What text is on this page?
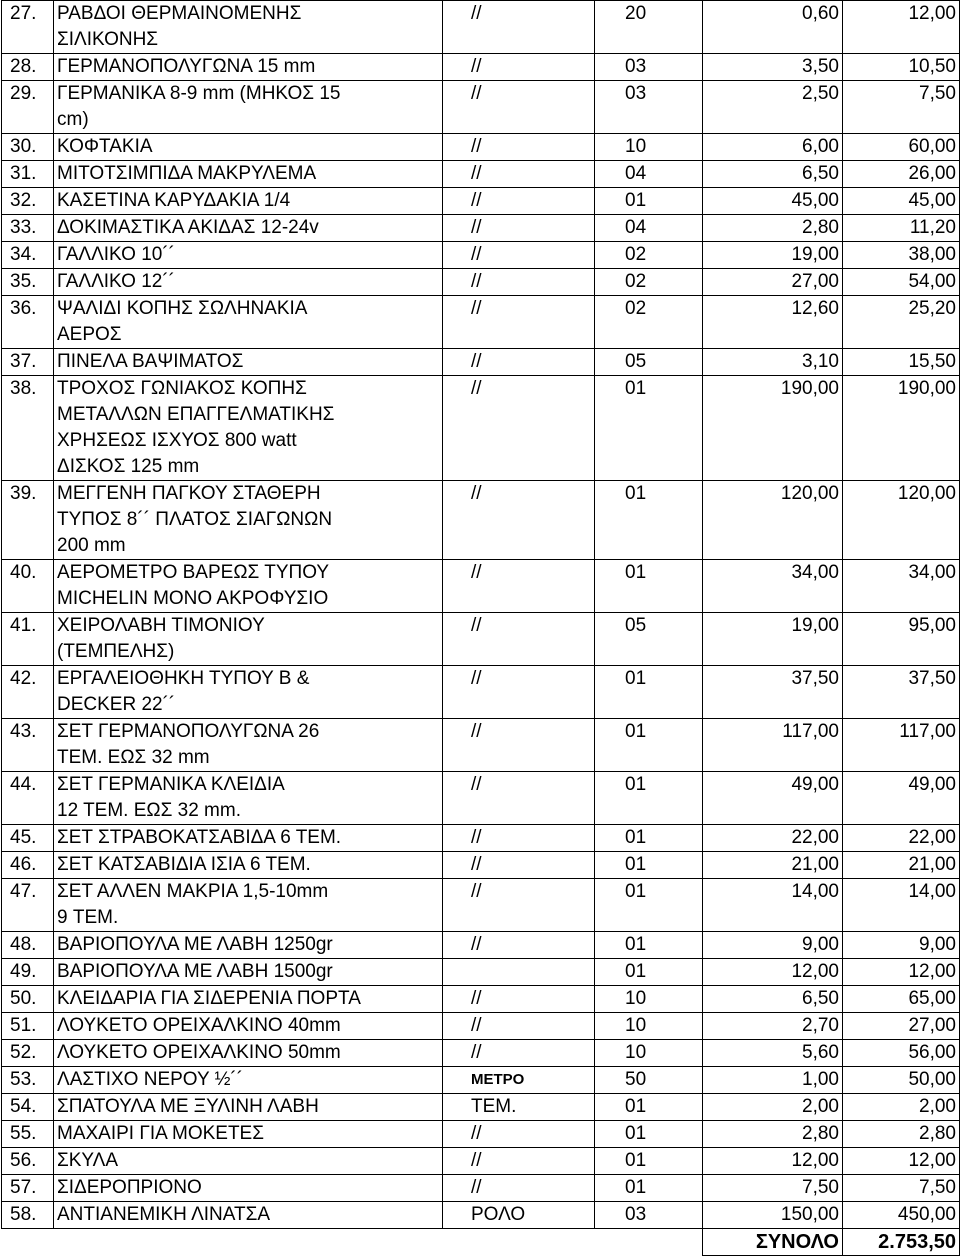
27.	ΡΑΒΔΟΙ ΘΕΡΜΑΙΝΟΜΕΝΗΣ
ΣΙΛΙΚΟΝΗΣ	//	20	0,60	12,00
28.	ΓΕΡΜΑΝΟΠΟΛΥΓΩΝΑ 15 mm	//	03	3,50	10,50
29.	ΓΕΡΜΑΝΙΚΑ 8-9 mm (ΜΗΚΟΣ 15
cm)	//	03	2,50	7,50
30.	ΚΟΦΤΑΚΙΑ	//	10	6,00	60,00
31.	ΜΙΤΟΤΣΙΜΠΙΔΑ ΜΑΚΡΥΛΕΜΑ	//	04	6,50	26,00
32.	ΚΑΣΕΤΙΝΑ ΚΑΡΥΔΑΚΙΑ 1/4	//	01	45,00	45,00
33.	ΔΟΚΙΜΑΣΤΙΚΑ ΑΚΙΔΑΣ 12-24v	//	04	2,80	11,20
34.	ΓΑΛΛΙΚΟ 10´´	//	02	19,00	38,00
35.	ΓΑΛΛΙΚΟ 12´´	//	02	27,00	54,00
36.	ΨΑΛΙΔΙ ΚΟΠΗΣ ΣΩΛΗΝΑΚΙΑ
ΑΕΡΟΣ	//	02	12,60	25,20
37.	ΠΙΝΕΛΑ ΒΑΨΙΜΑΤΟΣ	//	05	3,10	15,50
38.	ΤΡΟΧΟΣ ΓΩΝΙΑΚΟΣ ΚΟΠΗΣ
ΜΕΤΑΛΛΩΝ ΕΠΑΓΓΕΛΜΑΤΙΚΗΣ
ΧΡΗΣΕΩΣ ΙΣΧΥΟΣ 800 watt
ΔΙΣΚΟΣ 125 mm	//	01	190,00	190,00
39.	ΜΕΓΓΕΝΗ ΠΑΓΚΟΥ ΣΤΑΘΕΡΗ
ΤΥΠΟΣ 8´´ ΠΛΑΤΟΣ ΣΙΑΓΩΝΩΝ
200 mm	//	01	120,00	120,00
40.	ΑΕΡΟΜΕΤΡΟ ΒΑΡΕΩΣ ΤΥΠΟΥ
MICHELIN ΜΟΝΟ ΑΚΡΟΦΥΣΙΟ	//	01	34,00	34,00
41.	ΧΕΙΡΟΛΑΒΗ ΤΙΜΟΝΙΟΥ
(ΤΕΜΠΕΛΗΣ)	//	05	19,00	95,00
42.	ΕΡΓΑΛΕΙΟΘΗΚΗ ΤΥΠΟΥ Β &
DECKER 22´´	//	01	37,50	37,50
43.	ΣΕΤ ΓΕΡΜΑΝΟΠΟΛΥΓΩΝΑ 26
ΤΕΜ. ΕΩΣ 32 mm	//	01	117,00	117,00
44.	ΣΕΤ ΓΕΡΜΑΝΙΚΑ ΚΛΕΙΔΙΑ
12 ΤΕΜ. ΕΩΣ 32 mm.	//	01	49,00	49,00
45.	ΣΕΤ ΣΤΡΑΒΟΚΑΤΣΑΒΙΔΑ 6 ΤΕΜ.	//	01	22,00	22,00
46.	ΣΕΤ ΚΑΤΣΑΒΙΔΙΑ ΙΣΙΑ 6 ΤΕΜ.	//	01	21,00	21,00
47.	ΣΕΤ ΑΛΛΕΝ ΜΑΚΡΙΑ 1,5-10mm
9 ΤΕΜ.	//	01	14,00	14,00
48.	ΒΑΡΙΟΠΟΥΛΑ ΜΕ ΛΑΒΗ 1250gr	//	01	9,00	9,00
49.	ΒΑΡΙΟΠΟΥΛΑ ΜΕ ΛΑΒΗ 1500gr		01	12,00	12,00
50.	ΚΛΕΙΔΑΡΙΑ ΓΙΑ ΣΙΔΕΡΕΝΙΑ ΠΟΡΤΑ	//	10	6,50	65,00
51.	ΛΟΥΚΕΤΟ ΟΡΕΙΧΑΛΚΙΝΟ 40mm	//	10	2,70	27,00
52.	ΛΟΥΚΕΤΟ ΟΡΕΙΧΑΛΚΙΝΟ 50mm	//	10	5,60	56,00
53.	ΛΑΣΤΙΧΟ ΝΕΡΟΥ ½´´	ΜΕΤΡΟ	50	1,00	50,00
54.	ΣΠΑΤΟΥΛΑ ΜΕ ΞΥΛΙΝΗ ΛΑΒΗ	ΤΕΜ.	01	2,00	2,00
55.	ΜΑΧΑΙΡΙ ΓΙΑ ΜΟΚΕΤΕΣ	//	01	2,80	2,80
56.	ΣΚΥΛΑ	//	01	12,00	12,00
57.	ΣΙΔΕΡΟΠΡΙΟΝΟ	//	01	7,50	7,50
58.	ΑΝΤΙΑΝΕΜΙΚΗ ΛΙΝΑΤΣΑ	ΡΟΛΟ	03	150,00	450,00
				ΣΥΝΟΛΟ	2.753,50
